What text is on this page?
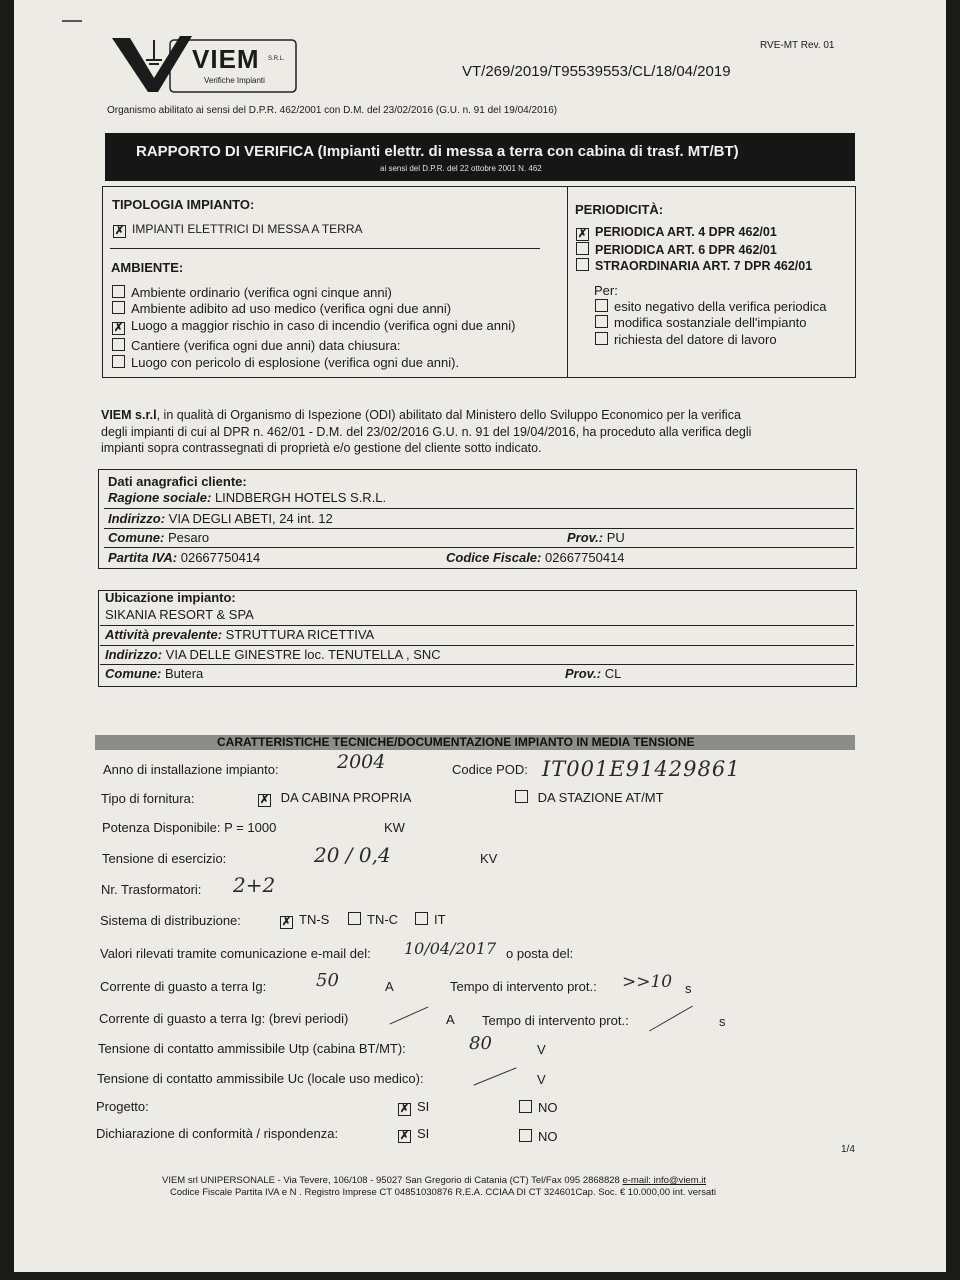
VIEM S.R.L.
Verifiche Impianti
RVE-MT Rev. 01
VT/269/2019/T95539553/CL/18/04/2019
Organismo abilitato ai sensi del D.P.R. 462/2001 con D.M. del 23/02/2016 (G.U. n. 91 del 19/04/2016)
RAPPORTO DI VERIFICA (Impianti elettr. di messa a terra con cabina di trasf. MT/BT)
ai sensi del D.P.R. del 22 ottobre 2001 N. 462
TIPOLOGIA IMPIANTO:
✗ IMPIANTI ELETTRICI DI MESSA A TERRA
AMBIENTE:
Ambiente ordinario (verifica ogni cinque anni)
Ambiente adibito ad uso medico (verifica ogni due anni)
✗ Luogo a maggior rischio in caso di incendio (verifica ogni due anni)
Cantiere (verifica ogni due anni) data chiusura:
Luogo con pericolo di esplosione (verifica ogni due anni).
PERIODICITÀ:
✗ PERIODICA ART. 4 DPR 462/01
PERIODICA ART. 6 DPR 462/01
STRAORDINARIA ART. 7 DPR 462/01
Per:
esito negativo della verifica periodica
modifica sostanziale dell'impianto
richiesta del datore di lavoro
VIEM s.r.l, in qualità di Organismo di Ispezione (ODI) abilitato dal Ministero dello Sviluppo Economico per la verifica
degli impianti di cui al DPR n. 462/01 - D.M. del 23/02/2016 G.U. n. 91 del 19/04/2016, ha proceduto alla verifica degli
impianti sopra contrassegnati di proprietà e/o gestione del cliente sotto indicato.
Dati anagrafici cliente:
Ragione sociale: LINDBERGH HOTELS S.R.L.
Indirizzo: VIA DEGLI ABETI, 24 int. 12
Comune: Pesaro	Prov.: PU
Partita IVA: 02667750414	Codice Fiscale: 02667750414
Ubicazione impianto:
SIKANIA RESORT & SPA
Attività prevalente: STRUTTURA RICETTIVA
Indirizzo: VIA DELLE GINESTRE loc. TENUTELLA , SNC
Comune: Butera	Prov.: CL
CARATTERISTICHE TECNICHE/DOCUMENTAZIONE IMPIANTO IN MEDIA TENSIONE
Anno di installazione impianto:	2004	Codice POD: IT001E91429861
Tipo di fornitura:	✗ DA CABINA PROPRIA	DA STAZIONE AT/MT
Potenza Disponibile: P = 1000	KW
Tensione di esercizio:	20 / 0,4	KV
Nr. Trasformatori: 2+2
Sistema di distribuzione:	✗ TN-S	TN-C	IT
Valori rilevati tramite comunicazione e-mail del: 10/04/2017 o posta del:
Corrente di guasto a terra Ig:	50	A	Tempo di intervento prot.: >>10 s
Corrente di guasto a terra Ig: (brevi periodi)	A Tempo di intervento prot.:	s
Tensione di contatto ammissibile Utp (cabina BT/MT):	80	V
Tensione di contatto ammissibile Uc (locale uso medico):	V
Progetto:	✗ SI	NO
Dichiarazione di conformità / rispondenza:	✗ SI	NO
1/4
VIEM srl UNIPERSONALE - Via Tevere, 106/108 - 95027 San Gregorio di Catania (CT) Tel/Fax 095 2868828 e-mail: info@viem.it
Codice Fiscale Partita IVA e N . Registro Imprese CT 04851030876 R.E.A. CCIAA DI CT 324601Cap. Soc. € 10.000,00 int. versati
